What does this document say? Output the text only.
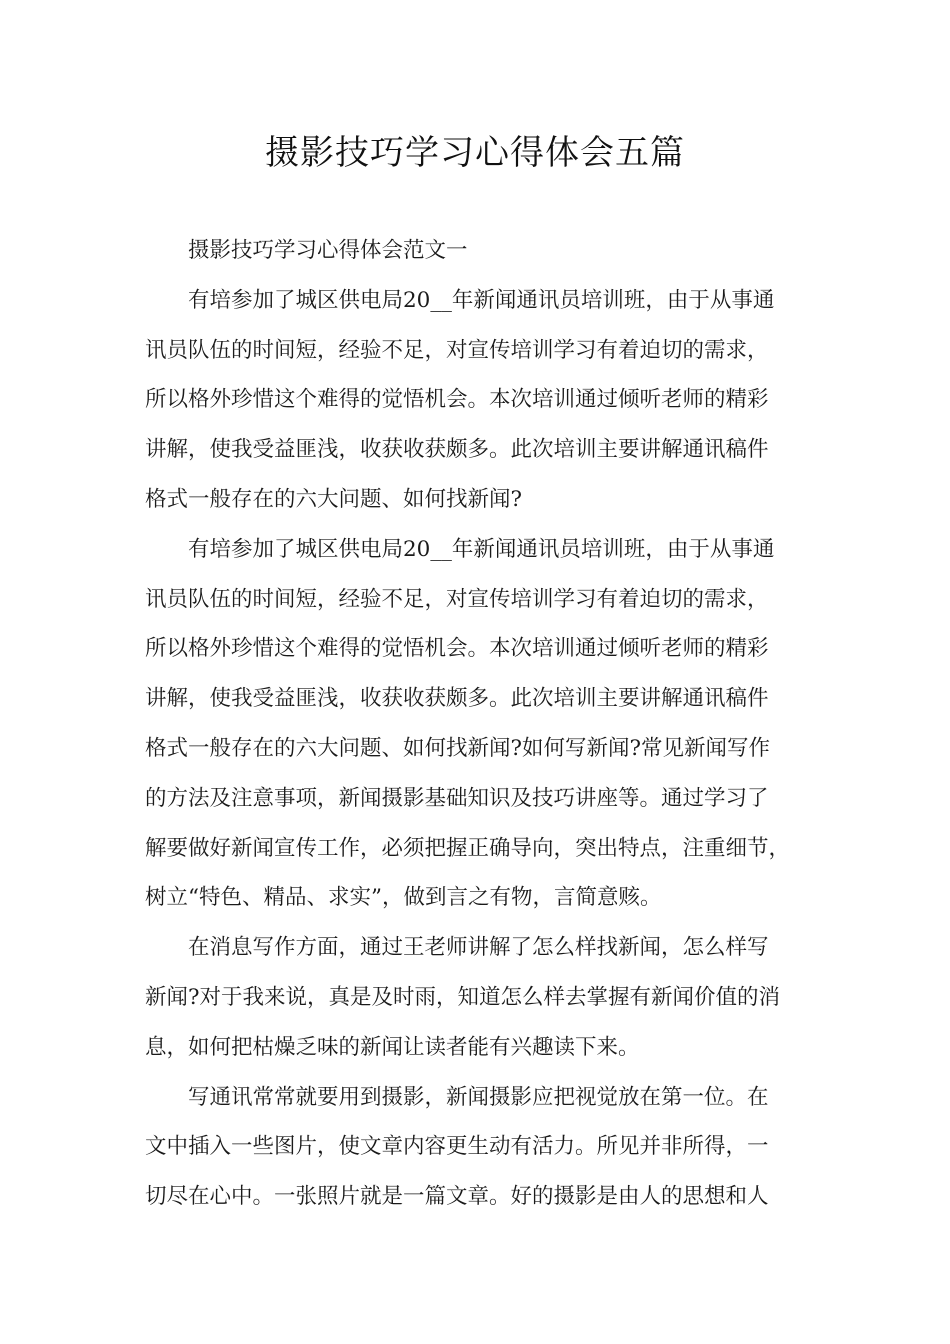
摄影技巧学习心得体会五篇

摄影技巧学习心得体会范文一

有培参加了城区供电局20__年新闻通讯员培训班，由于从事通
讯员队伍的时间短，经验不足，对宣传培训学习有着迫切的需求，
所以格外珍惜这个难得的觉悟机会。本次培训通过倾听老师的精彩
讲解，使我受益匪浅，收获收获颇多。此次培训主要讲解通讯稿件
格式一般存在的六大问题、如何找新闻?

有培参加了城区供电局20__年新闻通讯员培训班，由于从事通
讯员队伍的时间短，经验不足，对宣传培训学习有着迫切的需求，
所以格外珍惜这个难得的觉悟机会。本次培训通过倾听老师的精彩
讲解，使我受益匪浅，收获收获颇多。此次培训主要讲解通讯稿件
格式一般存在的六大问题、如何找新闻?如何写新闻?常见新闻写作
的方法及注意事项，新闻摄影基础知识及技巧讲座等。通过学习了
解要做好新闻宣传工作，必须把握正确导向，突出特点，注重细节，
树立“特色、精品、求实”，做到言之有物，言简意赅。

在消息写作方面，通过王老师讲解了怎么样找新闻，怎么样写
新闻?对于我来说，真是及时雨，知道怎么样去掌握有新闻价值的消
息，如何把枯燥乏味的新闻让读者能有兴趣读下来。

写通讯常常就要用到摄影，新闻摄影应把视觉放在第一位。在
文中插入一些图片，使文章内容更生动有活力。所见并非所得，一
切尽在心中。一张照片就是一篇文章。好的摄影是由人的思想和人
